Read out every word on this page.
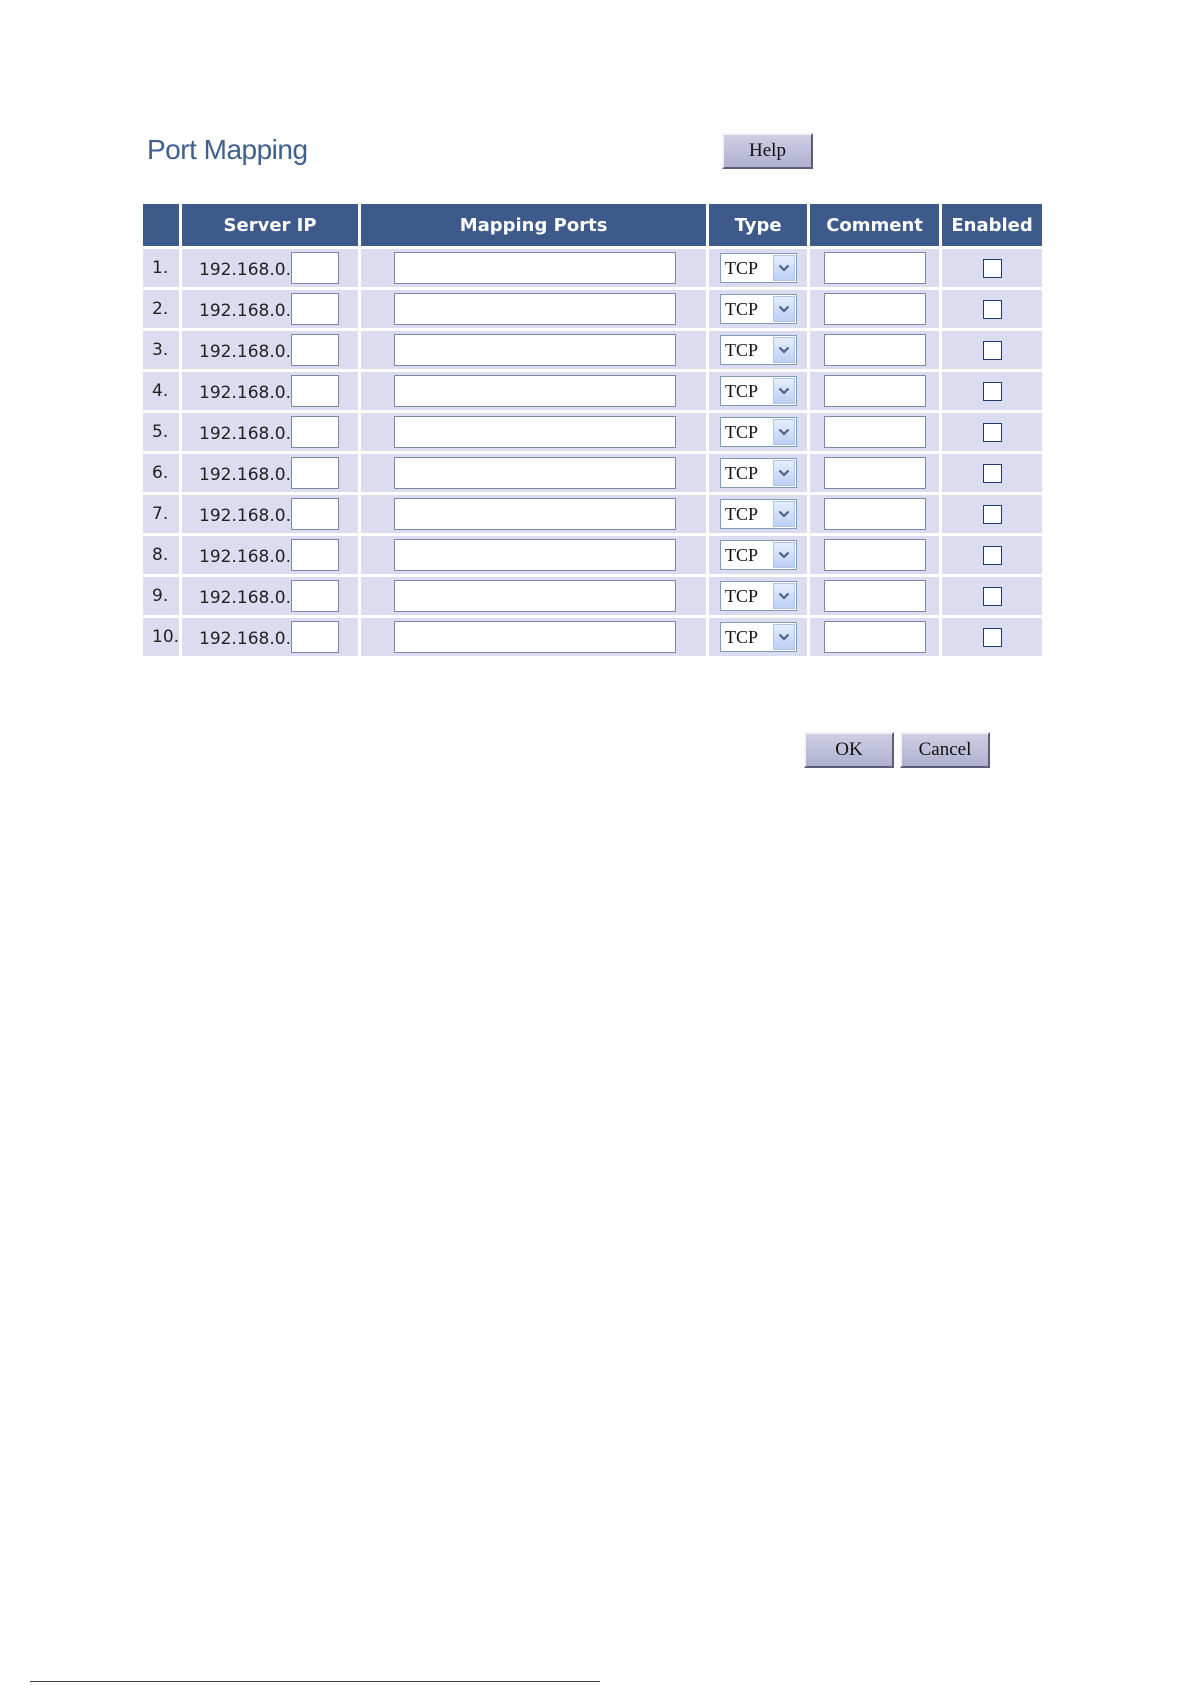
Port Mapping	Help
	Server IP	Mapping Ports	Type	Comment	Enabled
1.	192.168.0.		TCP

2.	192.168.0.		TCP

3.	192.168.0.		TCP

4.	192.168.0.		TCP

5.	192.168.0.		TCP

6.	192.168.0.		TCP

7.	192.168.0.		TCP

8.	192.168.0.		TCP

9.	192.168.0.		TCP

10.	192.168.0.		TCP

OK	Cancel
